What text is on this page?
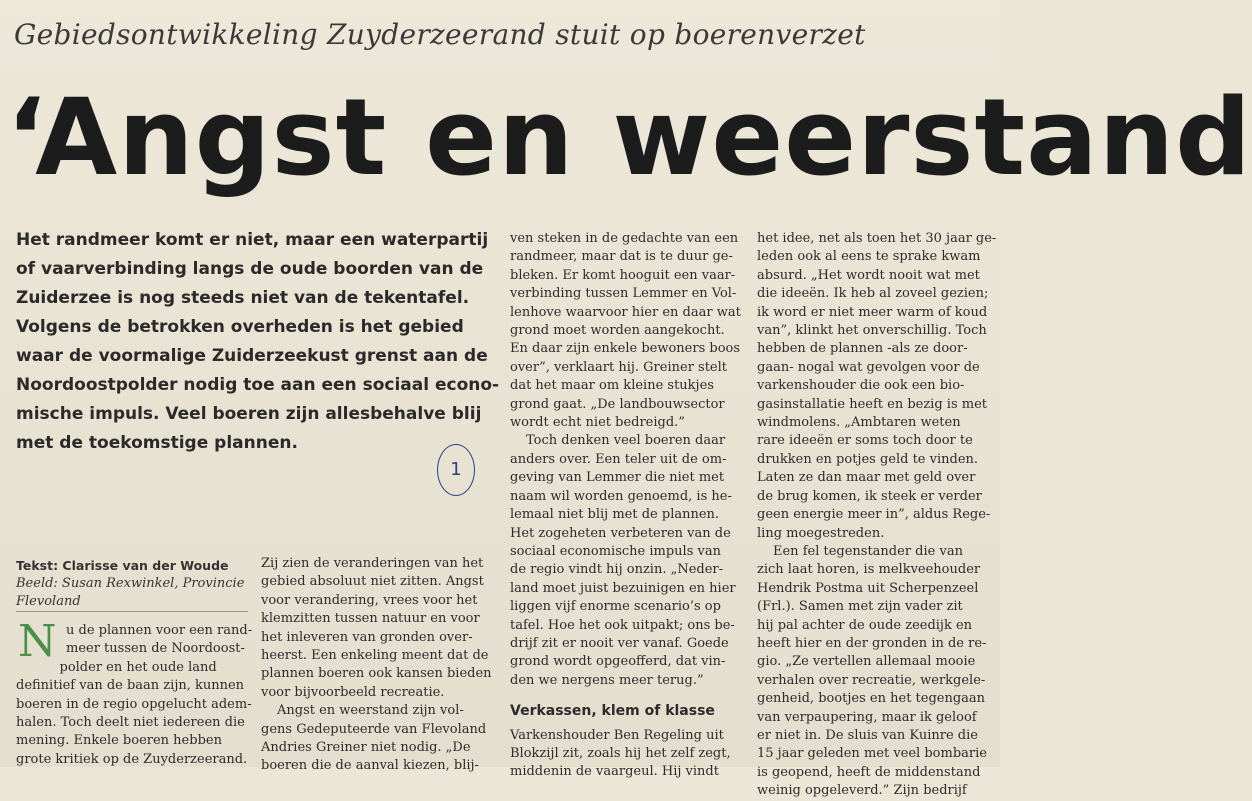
Gebiedsontwikkeling Zuyderzeerand stuit op boerenverzet
‘Angst en weerstand
Het randmeer komt er niet, maar een waterpartij
of vaarverbinding langs de oude boorden van de
Zuiderzee is nog steeds niet van de tekentafel.
Volgens de betrokken overheden is het gebied
waar de voormalige Zuiderzeekust grenst aan de
Noordoostpolder nodig toe aan een sociaal econo-
mische impuls. Veel boeren zijn allesbehalve blij
met de toekomstige plannen.
1
Tekst: Clarisse van der Woude
Beeld: Susan Rexwinkel, Provincie
Flevoland
N u de plannen voor een rand-
meer tussen de Noordoost-
polder en het oude land
definitief van de baan zijn, kunnen
boeren in de regio opgelucht adem-
halen. Toch deelt niet iedereen die
mening. Enkele boeren hebben
grote kritiek op de Zuyderzeerand.
Zij zien de veranderingen van het
gebied absoluut niet zitten. Angst
voor verandering, vrees voor het
klemzitten tussen natuur en voor
het inleveren van gronden over-
heerst. Een enkeling meent dat de
plannen boeren ook kansen bieden
voor bijvoorbeeld recreatie.
Angst en weerstand zijn vol-
gens Gedeputeerde van Flevoland
Andries Greiner niet nodig. „De
boeren die de aanval kiezen, blij-
ven steken in de gedachte van een
randmeer, maar dat is te duur ge-
bleken. Er komt hooguit een vaar-
verbinding tussen Lemmer en Vol-
lenhove waarvoor hier en daar wat
grond moet worden aangekocht.
En daar zijn enkele bewoners boos
over”, verklaart hij. Greiner stelt
dat het maar om kleine stukjes
grond gaat. „De landbouwsector
wordt echt niet bedreigd.”
Toch denken veel boeren daar
anders over. Een teler uit de om-
geving van Lemmer die niet met
naam wil worden genoemd, is he-
lemaal niet blij met de plannen.
Het zogeheten verbeteren van de
sociaal economische impuls van
de regio vindt hij onzin. „Neder-
land moet juist bezuinigen en hier
liggen vijf enorme scenario’s op
tafel. Hoe het ook uitpakt; ons be-
drijf zit er nooit ver vanaf. Goede
grond wordt opgeofferd, dat vin-
den we nergens meer terug.”
Verkassen, klem of klasse
Varkenshouder Ben Regeling uit
Blokzijl zit, zoals hij het zelf zegt,
middenin de vaargeul. Hij vindt
het idee, net als toen het 30 jaar ge-
leden ook al eens te sprake kwam
absurd. „Het wordt nooit wat met
die ideeën. Ik heb al zoveel gezien;
ik word er niet meer warm of koud
van”, klinkt het onverschillig. Toch
hebben de plannen -als ze door-
gaan- nogal wat gevolgen voor de
varkenshouder die ook een bio-
gasinstallatie heeft en bezig is met
windmolens. „Ambtaren weten
rare ideeën er soms toch door te
drukken en potjes geld te vinden.
Laten ze dan maar met geld over
de brug komen, ik steek er verder
geen energie meer in”, aldus Rege-
ling moegestreden.
Een fel tegenstander die van
zich laat horen, is melkveehouder
Hendrik Postma uit Scherpenzeel
(Frl.). Samen met zijn vader zit
hij pal achter de oude zeedijk en
heeft hier en der gronden in de re-
gio. „Ze vertellen allemaal mooie
verhalen over recreatie, werkgele-
genheid, bootjes en het tegengaan
van verpaupering, maar ik geloof
er niet in. De sluis van Kuinre die
15 jaar geleden met veel bombarie
is geopend, heeft de middenstand
weinig opgeleverd.” Zijn bedrijf
